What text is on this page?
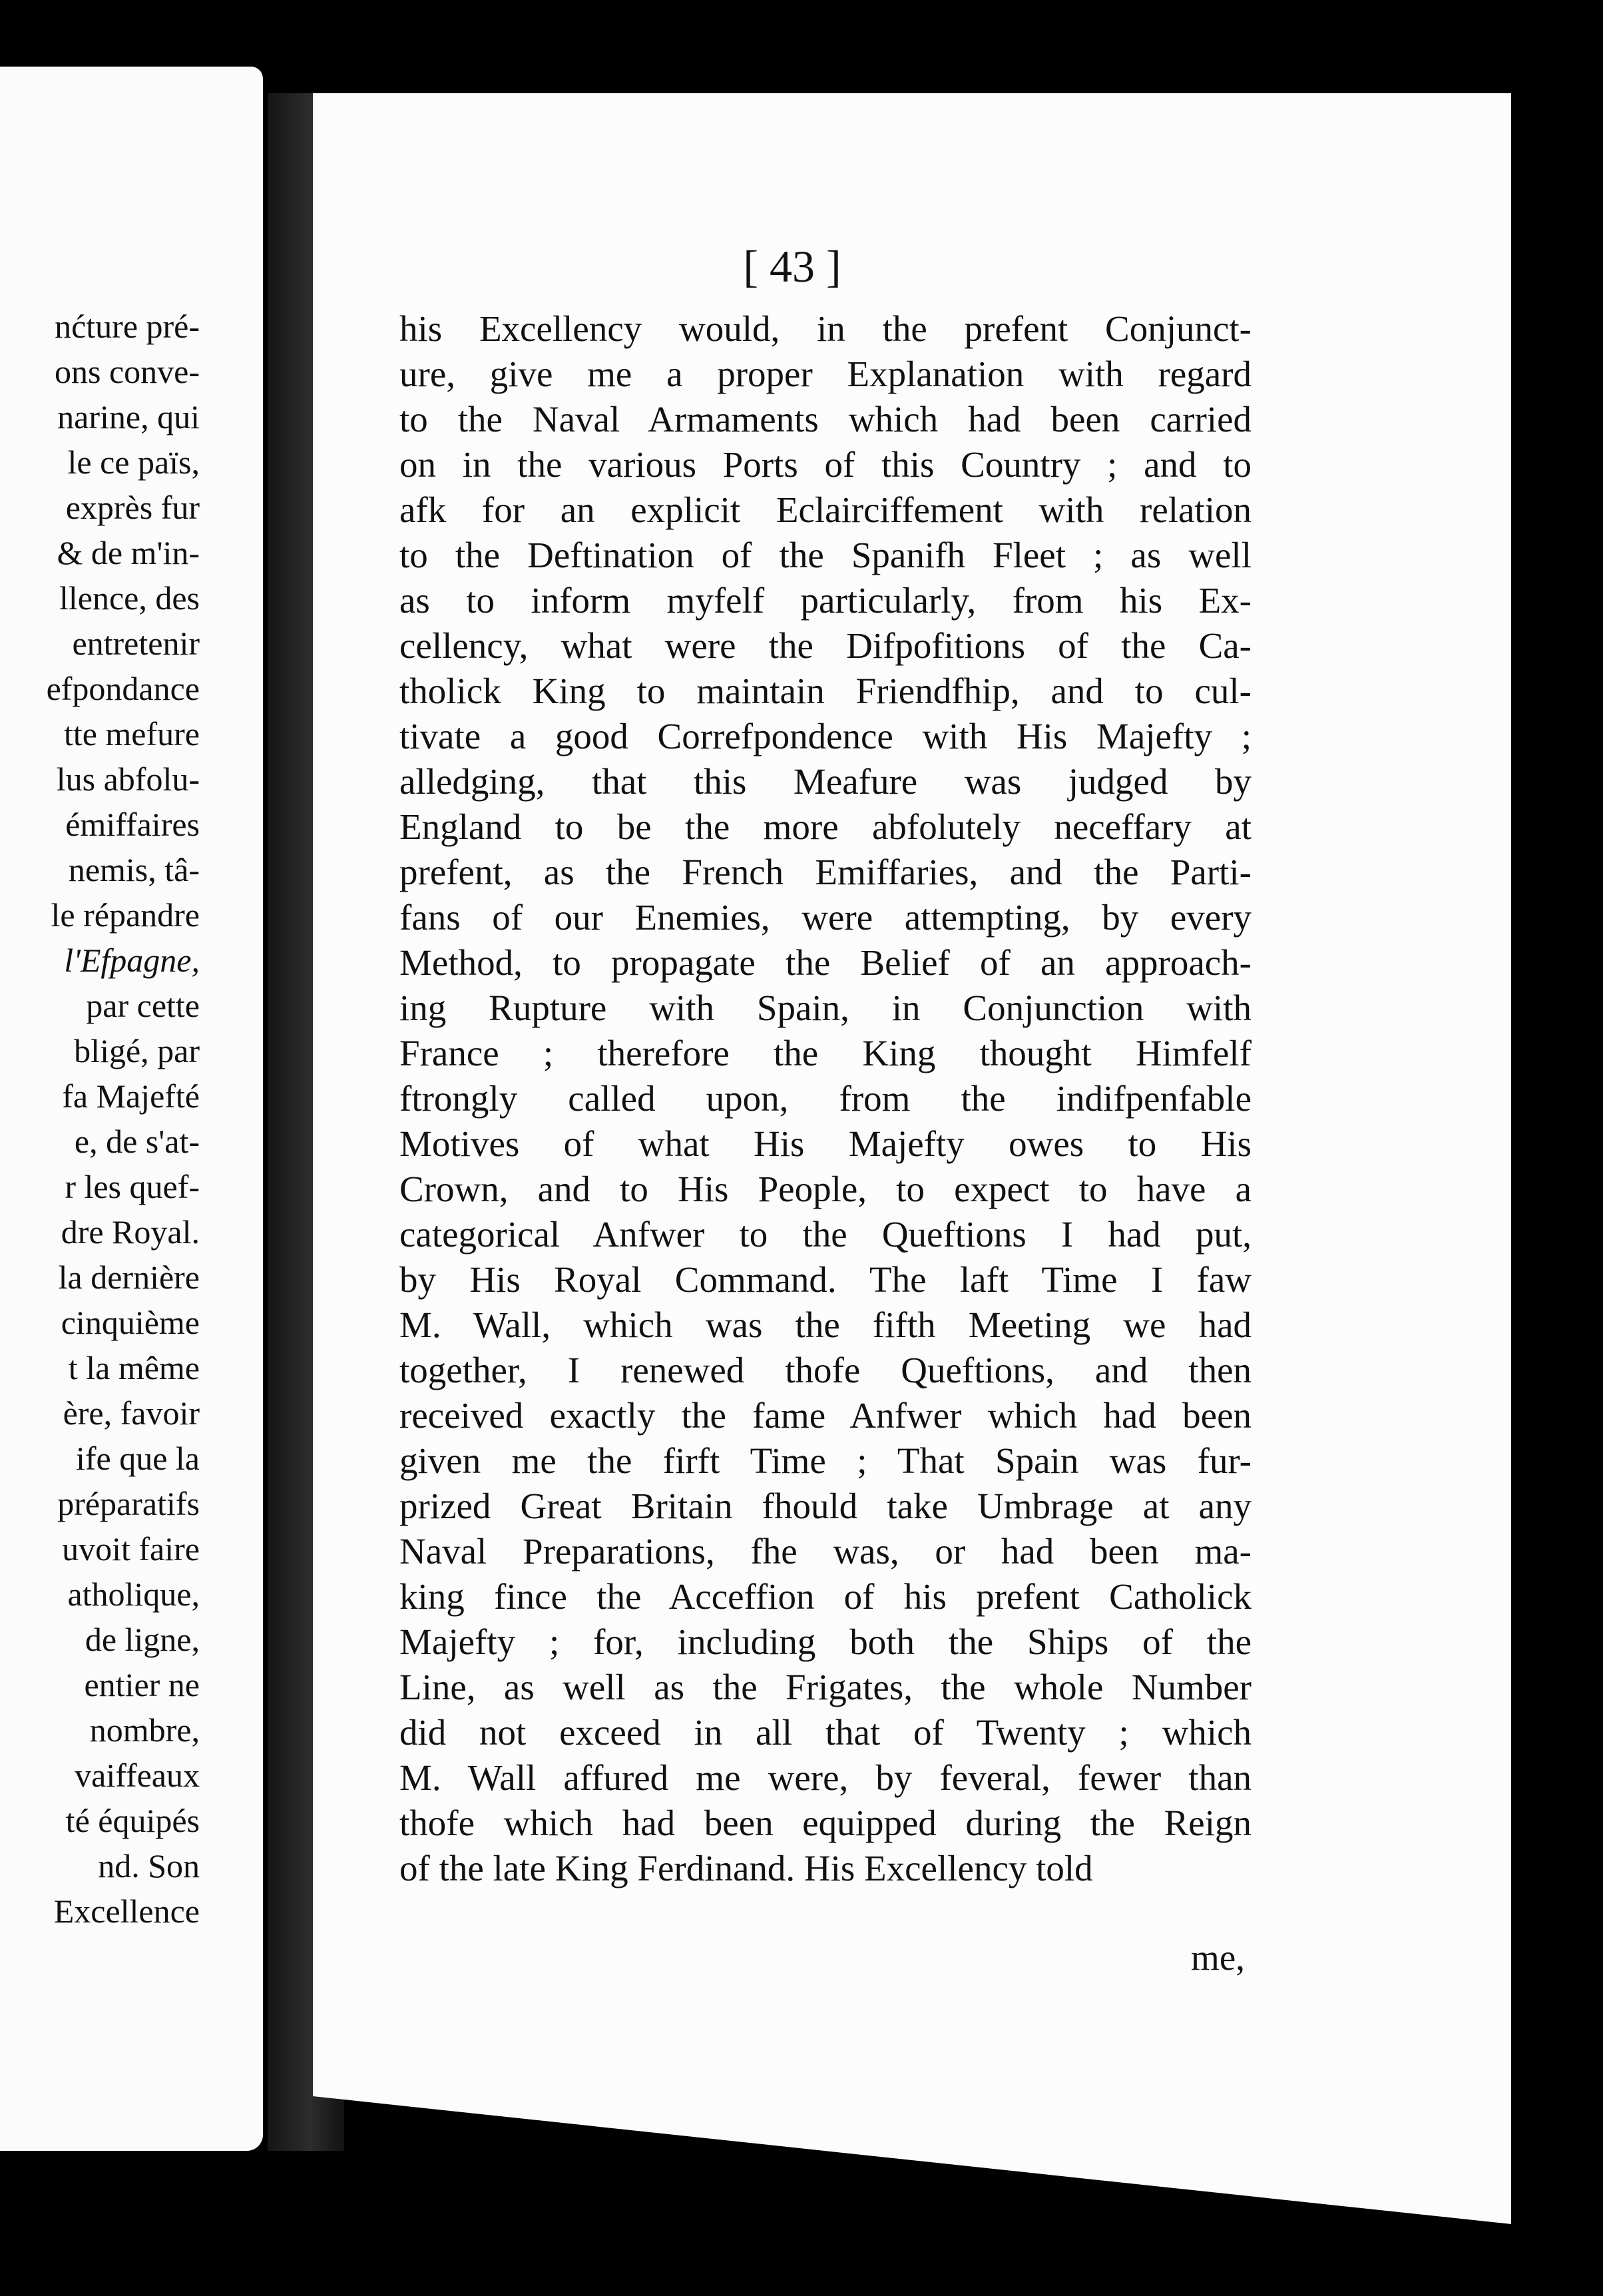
nćture pré-
ons conve-
narine, qui
le ce païs,
exprès fur
& de m'in-
llence, des
entretenir
efpondance
tte mefure
lus abfolu-
émiffaires
nemis, tâ-
le répandre
l'Efpagne,
par cette
bligé, par
fa Majefté
e, de s'at-
r les quef-
dre Royal.
la dernière
cinquième
t la même
ère, favoir
ife que la
préparatifs
uvoit faire
atholique,
de ligne,
entier ne
nombre,
vaiffeaux
té équipés
nd. Son
Excellence
[ 43 ]
his Excellency would, in the prefent Conjunct-
ure, give me a proper Explanation with regard
to the Naval Armaments which had been carried
on in the various Ports of this Country ; and to
afk for an explicit Eclairciffement with relation
to the Deftination of the Spanifh Fleet ; as well
as to inform myfelf particularly, from his Ex-
cellency, what were the Difpofitions of the Ca-
tholick King to maintain Friendfhip, and to cul-
tivate a good Correfpondence with His Majefty ;
alledging, that this Meafure was judged by
England to be the more abfolutely neceffary at
prefent, as the French Emiffaries, and the Parti-
fans of our Enemies, were attempting, by every
Method, to propagate the Belief of an approach-
ing Rupture with Spain, in Conjunction with
France ; therefore the King thought Himfelf
ftrongly called upon, from the indifpenfable
Motives of what His Majefty owes to His
Crown, and to His People, to expect to have a
categorical Anfwer to the Queftions I had put,
by His Royal Command. The laft Time I faw
M. Wall, which was the fifth Meeting we had
together, I renewed thofe Queftions, and then
received exactly the fame Anfwer which had been
given me the firft Time ; That Spain was fur-
prized Great Britain fhould take Umbrage at any
Naval Preparations, fhe was, or had been ma-
king fince the Acceffion of his prefent Catholick
Majefty ; for, including both the Ships of the
Line, as well as the Frigates, the whole Number
did not exceed in all that of Twenty ; which
M. Wall affured me were, by feveral, fewer than
thofe which had been equipped during the Reign
of the late King Ferdinand. His Excellency told
me,
